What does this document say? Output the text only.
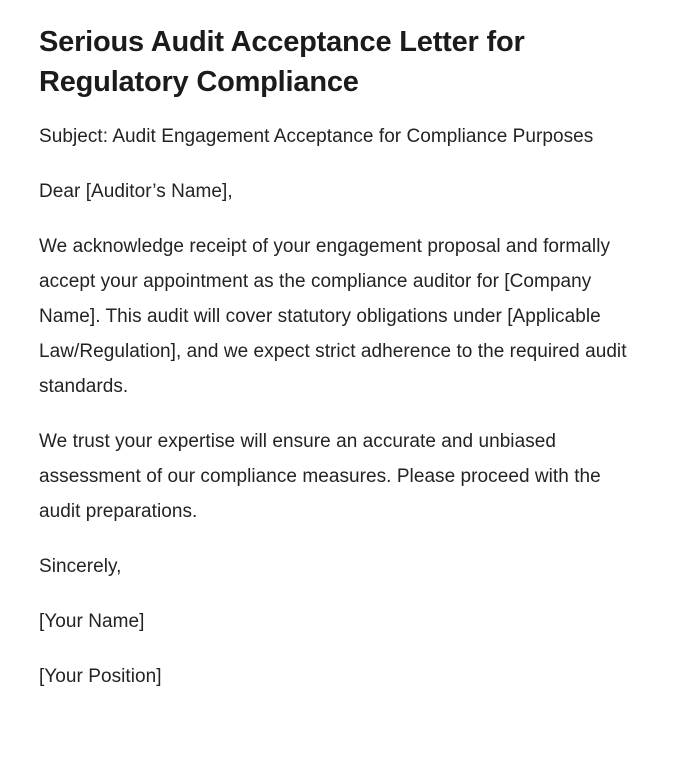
Serious Audit Acceptance Letter for Regulatory Compliance

Subject: Audit Engagement Acceptance for Compliance Purposes

Dear [Auditor’s Name],

We acknowledge receipt of your engagement proposal and formally accept your appointment as the compliance auditor for [Company Name]. This audit will cover statutory obligations under [Applicable Law/Regulation], and we expect strict adherence to the required audit standards.

We trust your expertise will ensure an accurate and unbiased assessment of our compliance measures. Please proceed with the audit preparations.

Sincerely,

[Your Name]

[Your Position]
